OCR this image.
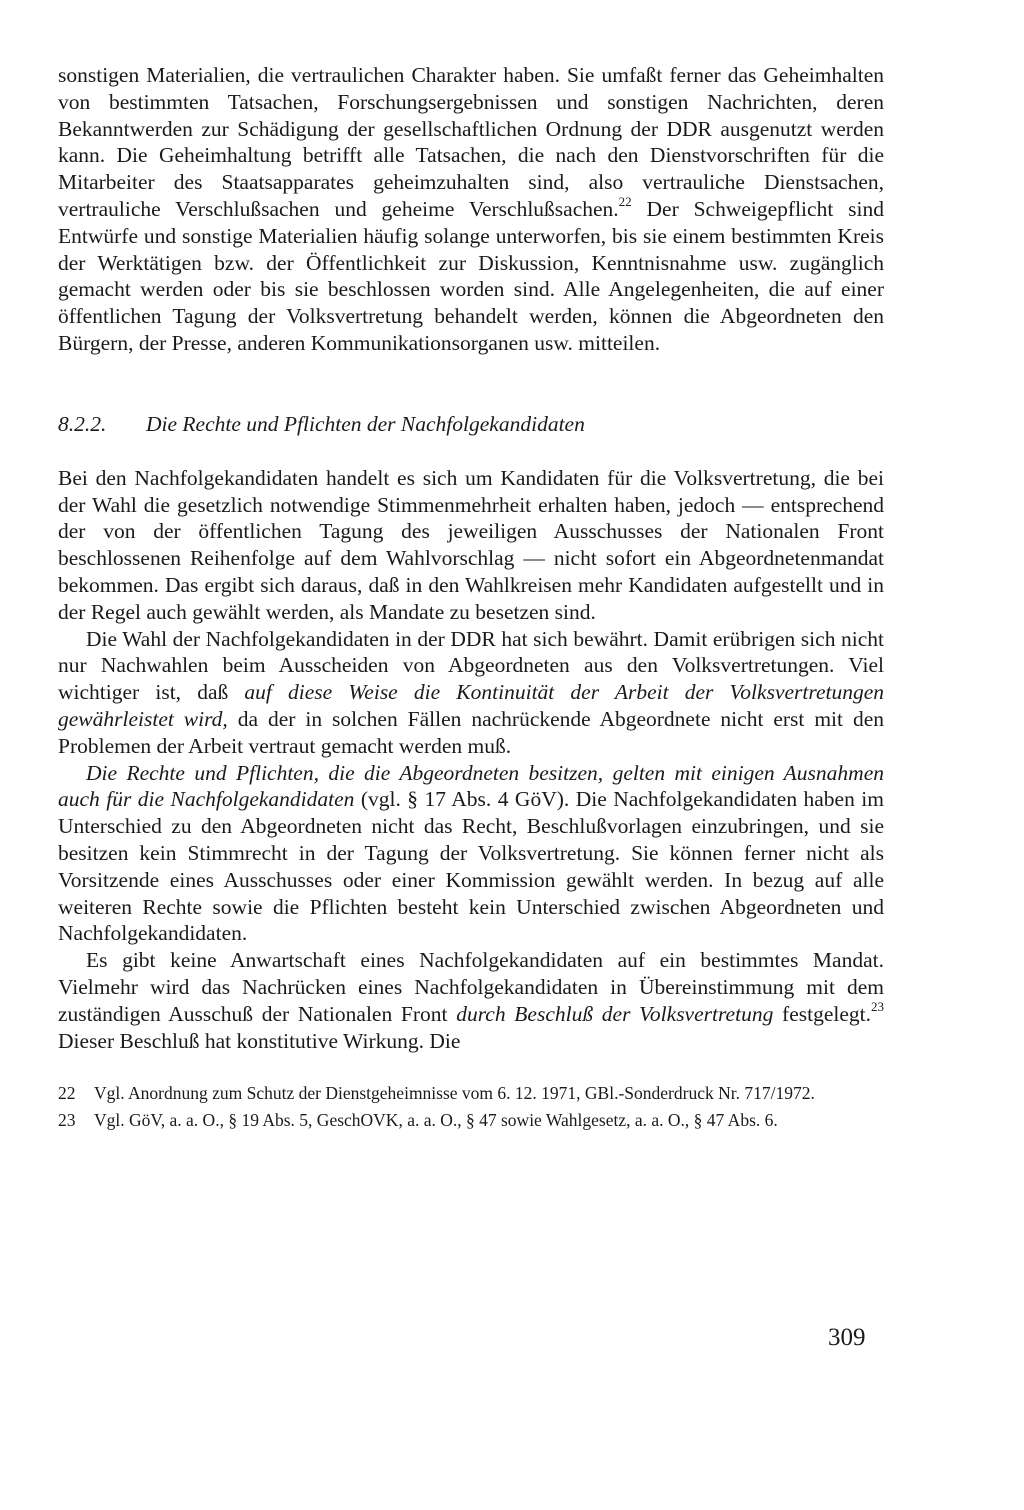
sonstigen Materialien, die vertraulichen Charakter haben. Sie umfaßt ferner das Geheimhalten von bestimmten Tatsachen, Forschungsergebnissen und sonstigen Nachrichten, deren Bekanntwerden zur Schädigung der gesellschaftlichen Ordnung der DDR ausgenutzt werden kann. Die Geheimhaltung betrifft alle Tatsachen, die nach den Dienstvorschriften für die Mitarbeiter des Staatsapparates geheimzuhalten sind, also vertrauliche Dienstsachen, vertrauliche Verschlußsachen und geheime Verschlußsachen.$^{22}$ Der Schweigepflicht sind Entwürfe und sonstige Materialien häufig solange unterworfen, bis sie einem bestimmten Kreis der Werktätigen bzw. der Öffentlichkeit zur Diskussion, Kenntnisnahme usw. zugänglich gemacht werden oder bis sie beschlossen worden sind. Alle Angelegenheiten, die auf einer öffentlichen Tagung der Volksvertretung behandelt werden, können die Abgeordneten den Bürgern, der Presse, anderen Kommunikationsorganen usw. mitteilen.

8.2.2.	Die Rechte und Pflichten der Nachfolgekandidaten

Bei den Nachfolgekandidaten handelt es sich um Kandidaten für die Volksvertretung, die bei der Wahl die gesetzlich notwendige Stimmenmehrheit erhalten haben, jedoch — entsprechend der von der öffentlichen Tagung des jeweiligen Ausschusses der Nationalen Front beschlossenen Reihenfolge auf dem Wahlvorschlag — nicht sofort ein Abgeordnetenmandat bekommen. Das ergibt sich daraus, daß in den Wahlkreisen mehr Kandidaten aufgestellt und in der Regel auch gewählt werden, als Mandate zu besetzen sind.

Die Wahl der Nachfolgekandidaten in der DDR hat sich bewährt. Damit erübrigen sich nicht nur Nachwahlen beim Ausscheiden von Abgeordneten aus den Volksvertretungen. Viel wichtiger ist, daß auf diese Weise die Kontinuität der Arbeit der Volksvertretungen gewährleistet wird, da der in solchen Fällen nachrückende Abgeordnete nicht erst mit den Problemen der Arbeit vertraut gemacht werden muß.

Die Rechte und Pflichten, die die Abgeordneten besitzen, gelten mit einigen Ausnahmen auch für die Nachfolgekandidaten (vgl. § 17 Abs. 4 GöV). Die Nachfolgekandidaten haben im Unterschied zu den Abgeordneten nicht das Recht, Beschlußvorlagen einzubringen, und sie besitzen kein Stimmrecht in der Tagung der Volksvertretung. Sie können ferner nicht als Vorsitzende eines Ausschusses oder einer Kommission gewählt werden. In bezug auf alle weiteren Rechte sowie die Pflichten besteht kein Unterschied zwischen Abgeordneten und Nachfolgekandidaten.

Es gibt keine Anwartschaft eines Nachfolgekandidaten auf ein bestimmtes Mandat. Vielmehr wird das Nachrücken eines Nachfolgekandidaten in Übereinstimmung mit dem zuständigen Ausschuß der Nationalen Front durch Beschluß der Volksvertretung festgelegt.$^{23}$ Dieser Beschluß hat konstitutive Wirkung. Die

22	Vgl. Anordnung zum Schutz der Dienstgeheimnisse vom 6. 12. 1971, GBl.-Sonderdruck Nr. 717/1972.
23	Vgl. GöV, a. a. O., § 19 Abs. 5, GeschOVK, a. a. O., § 47 sowie Wahlgesetz, a. a. O., § 47 Abs. 6.
309
